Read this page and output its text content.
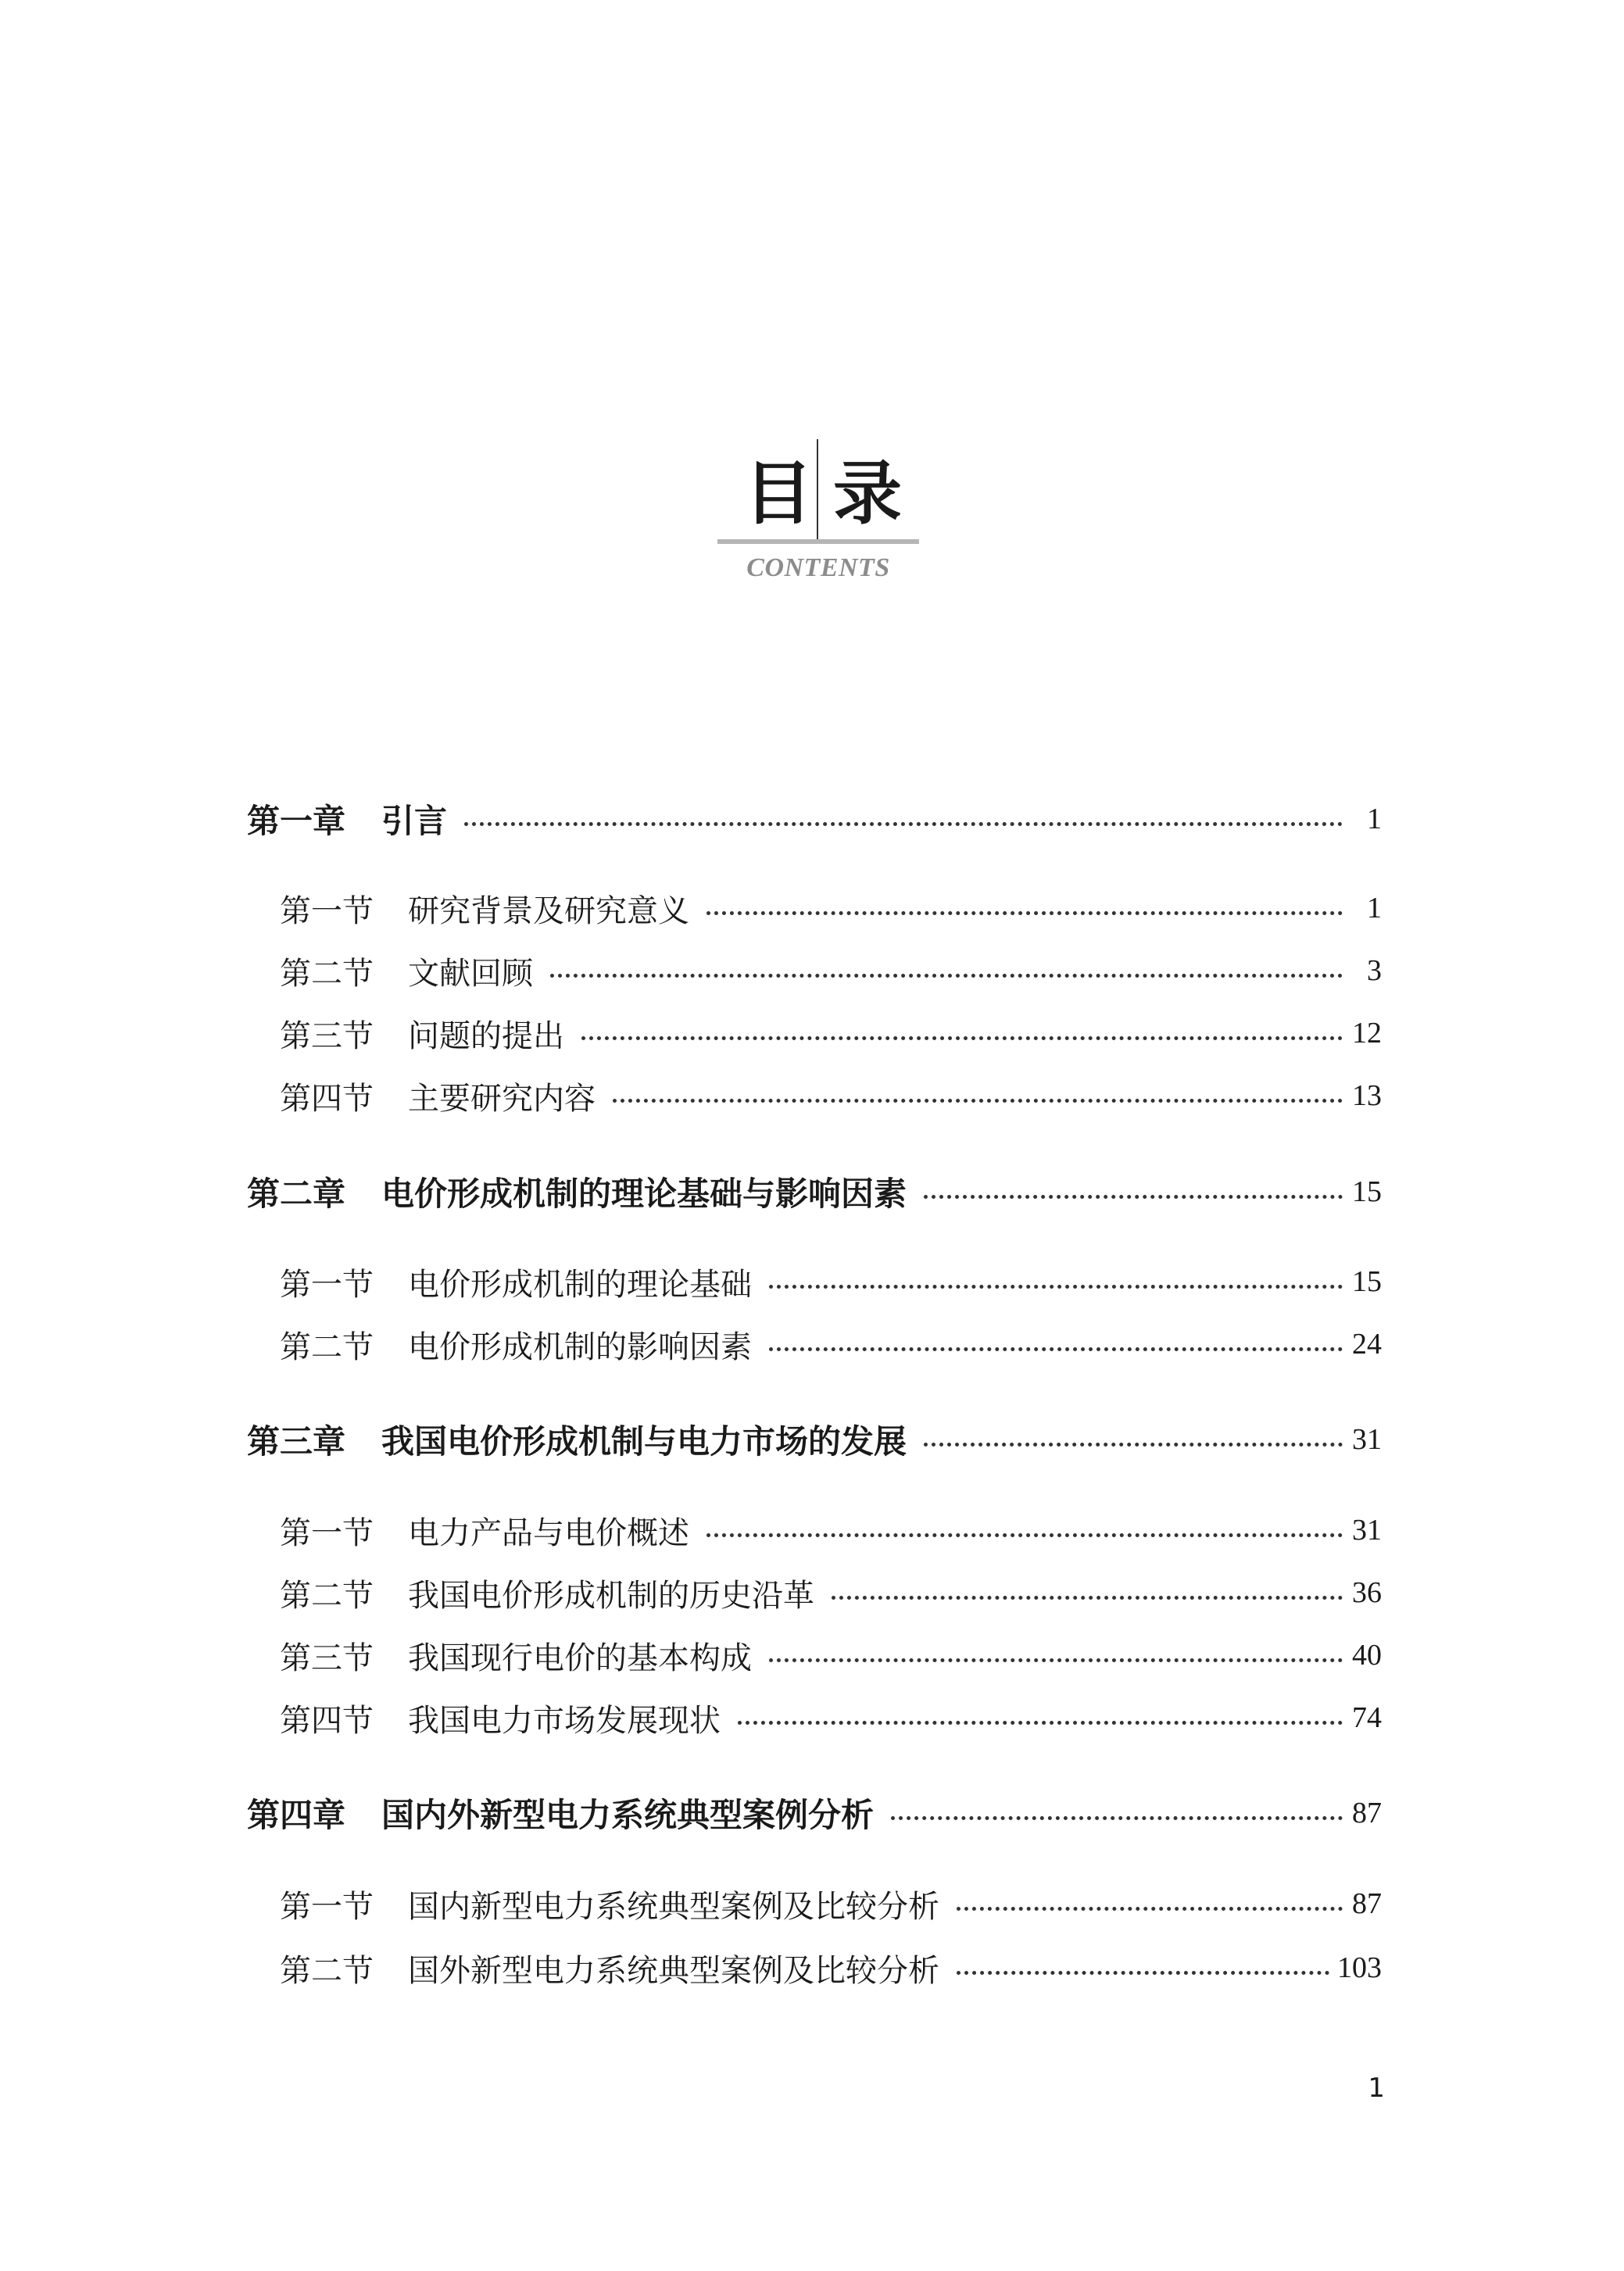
目 录
CONTENTS
第一章 引言	1
第一节 研究背景及研究意义	1
第二节 文献回顾	3
第三节 问题的提出	12
第四节 主要研究内容	13
第二章 电价形成机制的理论基础与影响因素	15
第一节 电价形成机制的理论基础	15
第二节 电价形成机制的影响因素	24
第三章 我国电价形成机制与电力市场的发展	31
第一节 电力产品与电价概述	31
第二节 我国电价形成机制的历史沿革	36
第三节 我国现行电价的基本构成	40
第四节 我国电力市场发展现状	74
第四章 国内外新型电力系统典型案例分析	87
第一节 国内新型电力系统典型案例及比较分析	87
第二节 国外新型电力系统典型案例及比较分析	103
1
